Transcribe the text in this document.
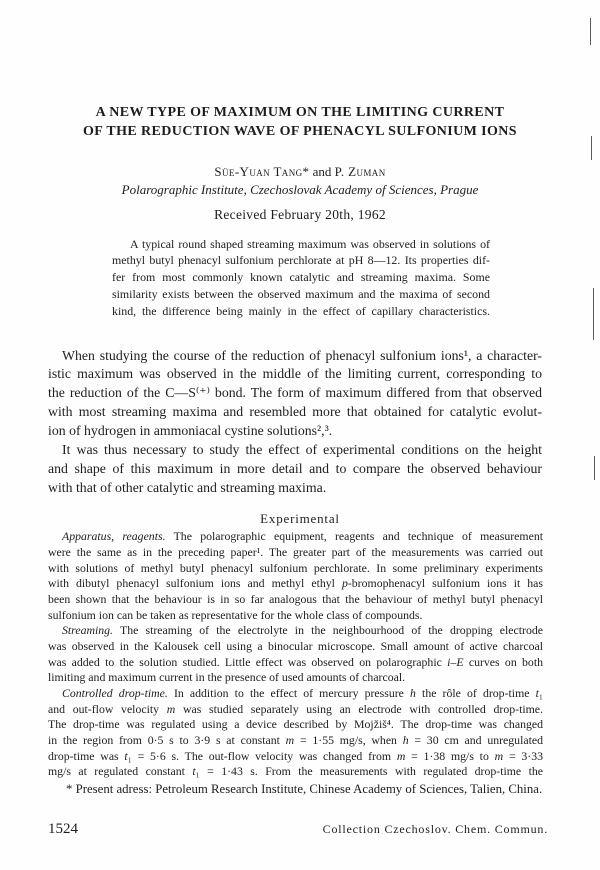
A NEW TYPE OF MAXIMUM ON THE LIMITING CURRENT
OF THE REDUCTION WAVE OF PHENACYL SULFONIUM IONS
Süe-Yuan Tang* and P. Zuman
Polarographic Institute, Czechoslovak Academy of Sciences, Prague
Received February 20th, 1962
A typical round shaped streaming maximum was observed in solutions of
methyl butyl phenacyl sulfonium perchlorate at pH 8—12. Its properties dif-
fer from most commonly known catalytic and streaming maxima. Some
similarity exists between the observed maximum and the maxima of second
kind, the difference being mainly in the effect of capillary characteristics.
When studying the course of the reduction of phenacyl sulfonium ions¹, a character-
istic maximum was observed in the middle of the limiting current, corresponding to
the reduction of the C—S⁽⁺⁾ bond. The form of maximum differed from that observed
with most streaming maxima and resembled more that obtained for catalytic evolut-
ion of hydrogen in ammoniacal cystine solutions²,³.
It was thus necessary to study the effect of experimental conditions on the height
and shape of this maximum in more detail and to compare the observed behaviour
with that of other catalytic and streaming maxima.
Experimental
Apparatus, reagents. The polarographic equipment, reagents and technique of measurement
were the same as in the preceding paper¹. The greater part of the measurements was carried out
with solutions of methyl butyl phenacyl sulfonium perchlorate. In some preliminary experiments
with dibutyl phenacyl sulfonium ions and methyl ethyl p-bromophenacyl sulfonium ions it has
been shown that the behaviour is in so far analogous that the behaviour of methyl butyl phenacyl
sulfonium ion can be taken as representative for the whole class of compounds.
Streaming. The streaming of the electrolyte in the neighbourhood of the dropping electrode
was observed in the Kalousek cell using a binocular microscope. Small amount of active charcoal
was added to the solution studied. Little effect was observed on polarographic i–E curves on both
limiting and maximum current in the presence of used amounts of charcoal.
Controlled drop-time. In addition to the effect of mercury pressure h the rôle of drop-time t₁
and out-flow velocity m was studied separately using an electrode with controlled drop-time.
The drop-time was regulated using a device described by Mojžiš⁴. The drop-time was changed
in the region from 0·5 s to 3·9 s at constant m = 1·55 mg/s, when h = 30 cm and unregulated
drop-time was t₁ = 5·6 s. The out-flow velocity was changed from m = 1·38 mg/s to m = 3·33
mg/s at regulated constant t₁ = 1·43 s. From the measurements with regulated drop-time the
* Present adress: Petroleum Research Institute, Chinese Academy of Sciences, Talien, China.
1524	Collection Czechoslov. Chem. Commun.
